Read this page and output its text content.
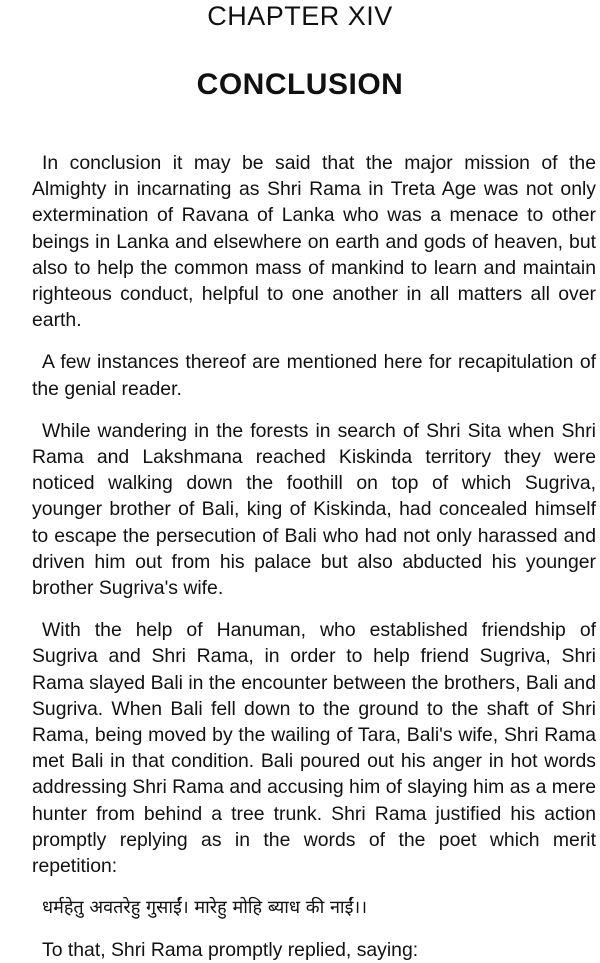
CHAPTER XIV
CONCLUSION

In conclusion it may be said that the major mission of the Almighty in incarnating as Shri Rama in Treta Age was not only extermination of Ravana of Lanka who was a menace to other beings in Lanka and elsewhere on earth and gods of heaven, but also to help the common mass of mankind to learn and maintain righteous conduct, helpful to one another in all matters all over earth.

A few instances thereof are mentioned here for recapitulation of the genial reader.

While wandering in the forests in search of Shri Sita when Shri Rama and Lakshmana reached Kiskinda territory they were noticed walking down the foothill on top of which Sugriva, younger brother of Bali, king of Kiskinda, had concealed himself to escape the persecution of Bali who had not only harassed and driven him out from his palace but also abducted his younger brother Sugriva's wife.

With the help of Hanuman, who established friendship of Sugriva and Shri Rama, in order to help friend Sugriva, Shri Rama slayed Bali in the encounter between the brothers, Bali and Sugriva. When Bali fell down to the ground to the shaft of Shri Rama, being moved by the wailing of Tara, Bali's wife, Shri Rama met Bali in that condition. Bali poured out his anger in hot words addressing Shri Rama and accusing him of slaying him as a mere hunter from behind a tree trunk. Shri Rama justified his action promptly replying as in the words of the poet which merit repetition:

धर्महेतु अवतरेहु गुसाईं। मारेहु मोहि ब्याध की नाईं।।

To that, Shri Rama promptly replied, saying:
